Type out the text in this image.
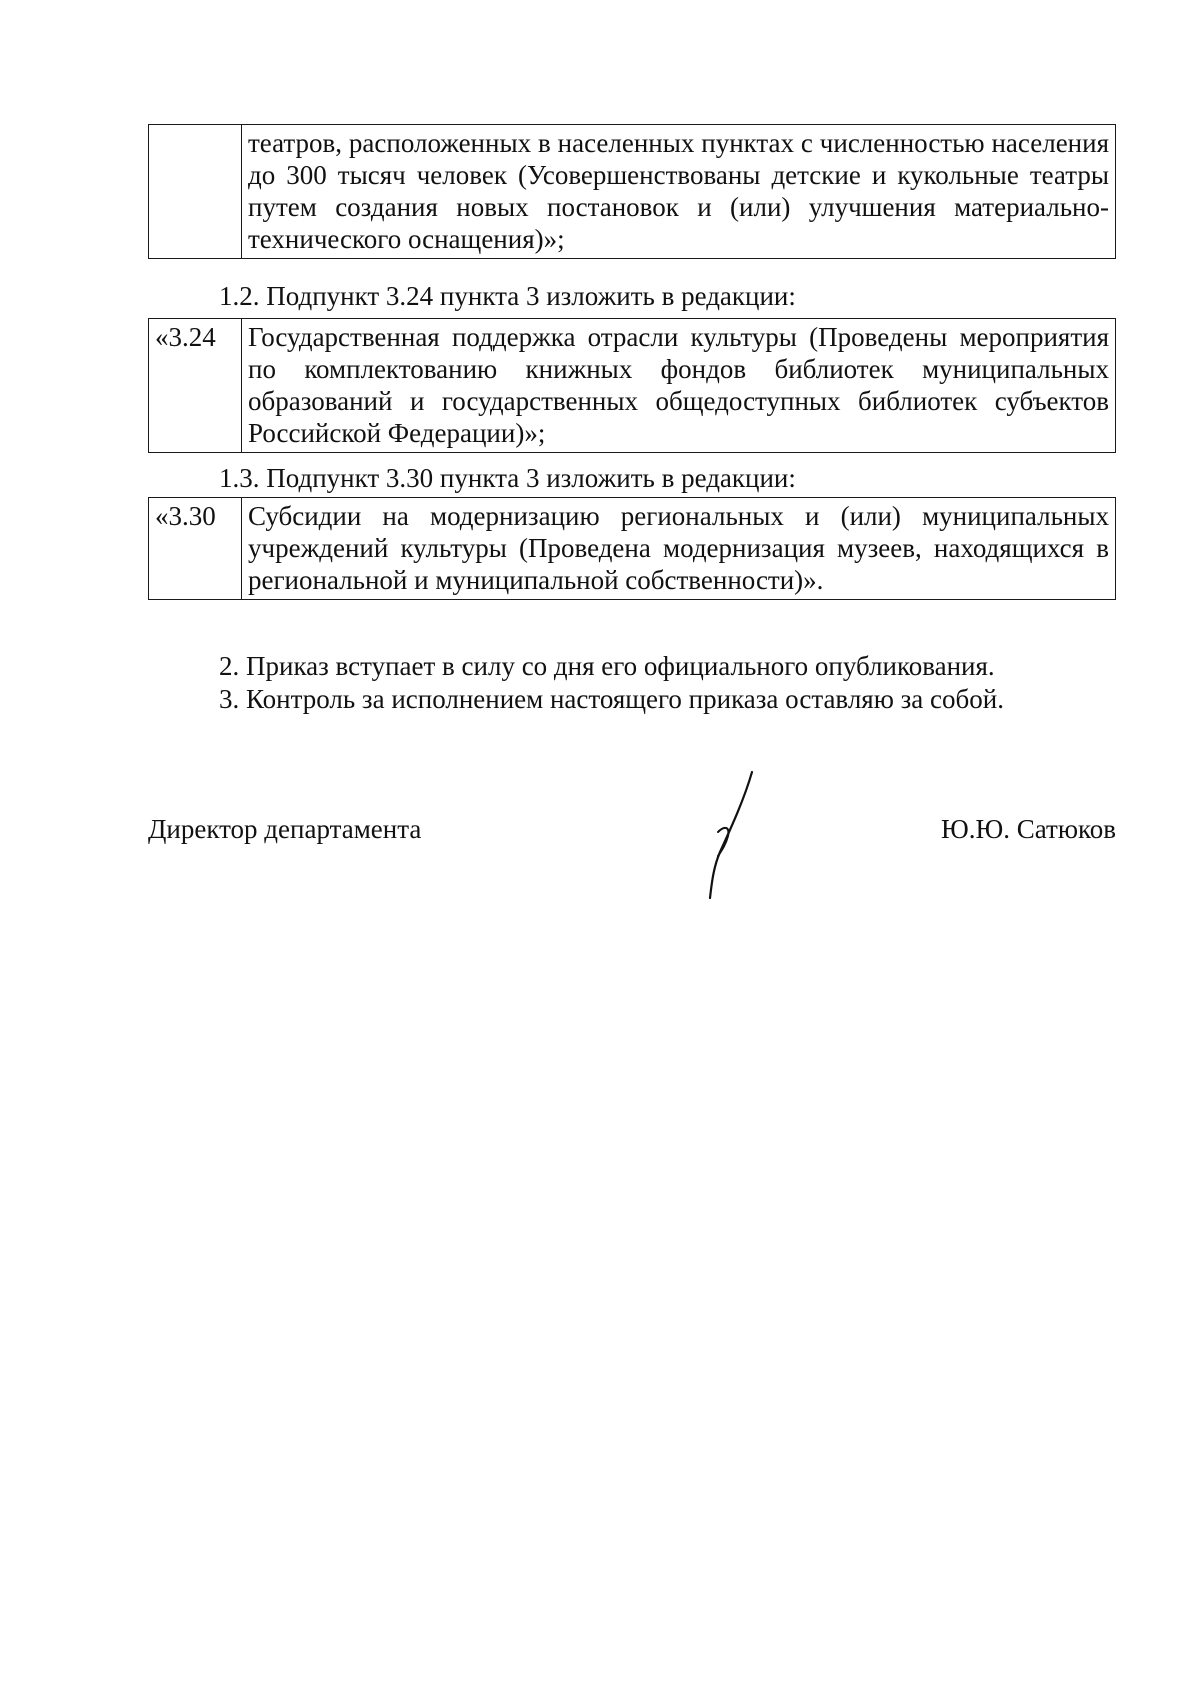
	театров, расположенных в населенных пунктах с численностью населения до 300 тысяч человек (Усовершенствованы детские и кукольные театры путем создания новых постановок и (или) улучшения материально-технического оснащения)»;
1.2. Подпункт 3.24 пункта 3 изложить в редакции:
«3.24	Государственная поддержка отрасли культуры (Проведены мероприятия по комплектованию книжных фондов библиотек муниципальных образований и государственных общедоступных библиотек субъектов Российской Федерации)»;
1.3. Подпункт 3.30 пункта 3 изложить в редакции:
«3.30	Субсидии на модернизацию региональных и (или) муниципальных учреждений культуры (Проведена модернизация музеев, находящихся в региональной и муниципальной собственности)».
2. Приказ вступает в силу со дня его официального опубликования.
3. Контроль за исполнением настоящего приказа оставляю за собой.
Директор департамента	Ю.Ю. Сатюков
